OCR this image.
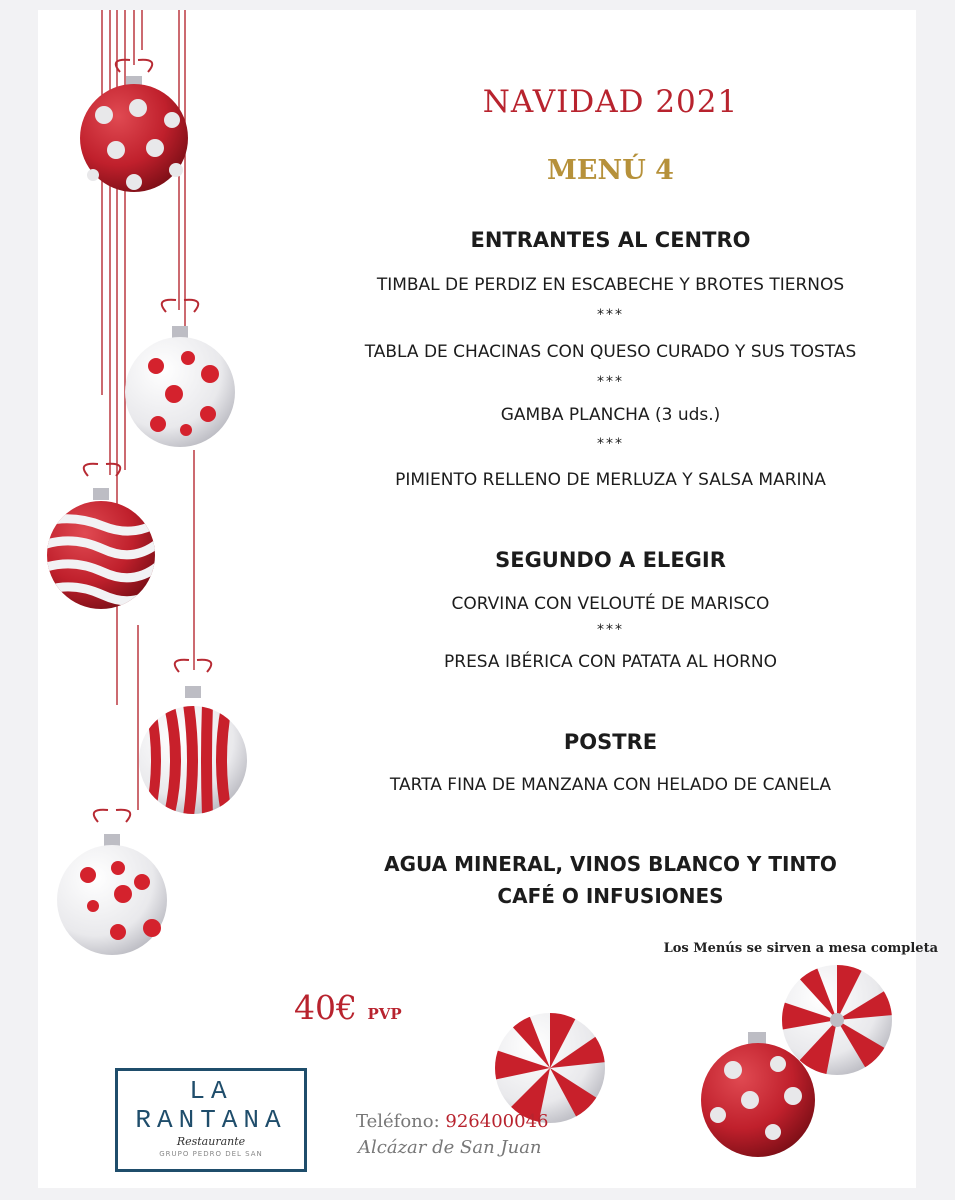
NAVIDAD 2021
MENÚ 4
ENTRANTES AL CENTRO
TIMBAL DE PERDIZ EN ESCABECHE Y BROTES TIERNOS
***
TABLA DE CHACINAS CON QUESO CURADO Y SUS TOSTAS
***
GAMBA PLANCHA (3 uds.)
***
PIMIENTO RELLENO DE MERLUZA Y SALSA MARINA
SEGUNDO A ELEGIR
CORVINA CON VELOUTÉ DE MARISCO
***
PRESA IBÉRICA CON PATATA AL HORNO
POSTRE
TARTA FINA DE MANZANA CON HELADO DE CANELA
AGUA MINERAL, VINOS BLANCO Y TINTO
CAFÉ O INFUSIONES
Los Menús se sirven a mesa completa
40€ PVP
LA
RANTANA
Restaurante
GRUPO PEDRO DEL SAN
Teléfono: 926400046
Alcázar de San Juan
